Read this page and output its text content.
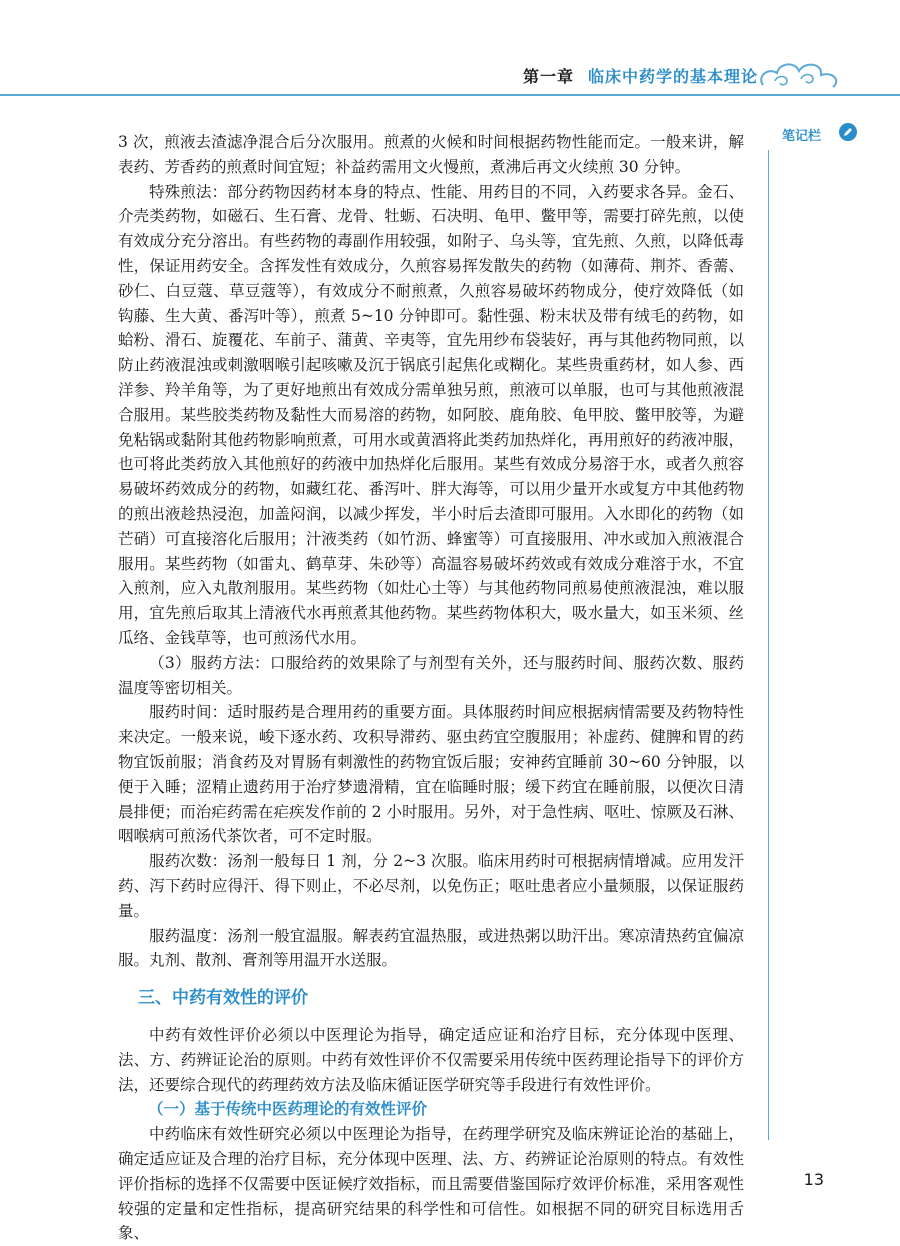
第一章 临床中药学的基本理论
笔记栏

3 次，煎液去渣滤净混合后分次服用。煎煮的火候和时间根据药物性能而定。一般来讲，解表药、芳香药的煎煮时间宜短；补益药需用文火慢煎，煮沸后再文火续煎 30 分钟。

特殊煎法：部分药物因药材本身的特点、性能、用药目的不同，入药要求各异。金石、介壳类药物，如磁石、生石膏、龙骨、牡蛎、石决明、龟甲、鳖甲等，需要打碎先煎，以使有效成分充分溶出。有些药物的毒副作用较强，如附子、乌头等，宜先煎、久煎，以降低毒性，保证用药安全。含挥发性有效成分，久煎容易挥发散失的药物（如薄荷、荆芥、香薷、砂仁、白豆蔻、草豆蔻等），有效成分不耐煎煮，久煎容易破坏药物成分，使疗效降低（如钩藤、生大黄、番泻叶等），煎煮 5~10 分钟即可。黏性强、粉末状及带有绒毛的药物，如蛤粉、滑石、旋覆花、车前子、蒲黄、辛夷等，宜先用纱布袋装好，再与其他药物同煎，以防止药液混浊或刺激咽喉引起咳嗽及沉于锅底引起焦化或糊化。某些贵重药材，如人参、西洋参、羚羊角等，为了更好地煎出有效成分需单独另煎，煎液可以单服，也可与其他煎液混合服用。某些胶类药物及黏性大而易溶的药物，如阿胶、鹿角胶、龟甲胶、鳖甲胶等，为避免粘锅或黏附其他药物影响煎煮，可用水或黄酒将此类药加热烊化，再用煎好的药液冲服，也可将此类药放入其他煎好的药液中加热烊化后服用。某些有效成分易溶于水，或者久煎容易破坏药效成分的药物，如藏红花、番泻叶、胖大海等，可以用少量开水或复方中其他药物的煎出液趁热浸泡，加盖闷润，以减少挥发，半小时后去渣即可服用。入水即化的药物（如芒硝）可直接溶化后服用；汁液类药（如竹沥、蜂蜜等）可直接服用、冲水或加入煎液混合服用。某些药物（如雷丸、鹤草芽、朱砂等）高温容易破坏药效或有效成分难溶于水，不宜入煎剂，应入丸散剂服用。某些药物（如灶心土等）与其他药物同煎易使煎液混浊，难以服用，宜先煎后取其上清液代水再煎煮其他药物。某些药物体积大，吸水量大，如玉米须、丝瓜络、金钱草等，也可煎汤代水用。

（3）服药方法：口服给药的效果除了与剂型有关外，还与服药时间、服药次数、服药温度等密切相关。

服药时间：适时服药是合理用药的重要方面。具体服药时间应根据病情需要及药物特性来决定。一般来说，峻下逐水药、攻积导滞药、驱虫药宜空腹服用；补虚药、健脾和胃的药物宜饭前服；消食药及对胃肠有刺激性的药物宜饭后服；安神药宜睡前 30~60 分钟服，以便于入睡；涩精止遗药用于治疗梦遗滑精，宜在临睡时服；缓下药宜在睡前服，以便次日清晨排便；而治疟药需在疟疾发作前的 2 小时服用。另外，对于急性病、呕吐、惊厥及石淋、咽喉病可煎汤代茶饮者，可不定时服。

服药次数：汤剂一般每日 1 剂，分 2~3 次服。临床用药时可根据病情增减。应用发汗药、泻下药时应得汗、得下则止，不必尽剂，以免伤正；呕吐患者应小量频服，以保证服药量。

服药温度：汤剂一般宜温服。解表药宜温热服，或进热粥以助汗出。寒凉清热药宜偏凉服。丸剂、散剂、膏剂等用温开水送服。

三、中药有效性的评价

中药有效性评价必须以中医理论为指导，确定适应证和治疗目标，充分体现中医理、法、方、药辨证论治的原则。中药有效性评价不仅需要采用传统中医药理论指导下的评价方法，还要综合现代的药理药效方法及临床循证医学研究等手段进行有效性评价。

（一）基于传统中医药理论的有效性评价

中药临床有效性研究必须以中医理论为指导，在药理学研究及临床辨证论治的基础上，确定适应证及合理的治疗目标，充分体现中医理、法、方、药辨证论治原则的特点。有效性评价指标的选择不仅需要中医证候疗效指标，而且需要借鉴国际疗效评价标准，采用客观性较强的定量和定性指标，提高研究结果的科学性和可信性。如根据不同的研究目标选用舌象、

13
